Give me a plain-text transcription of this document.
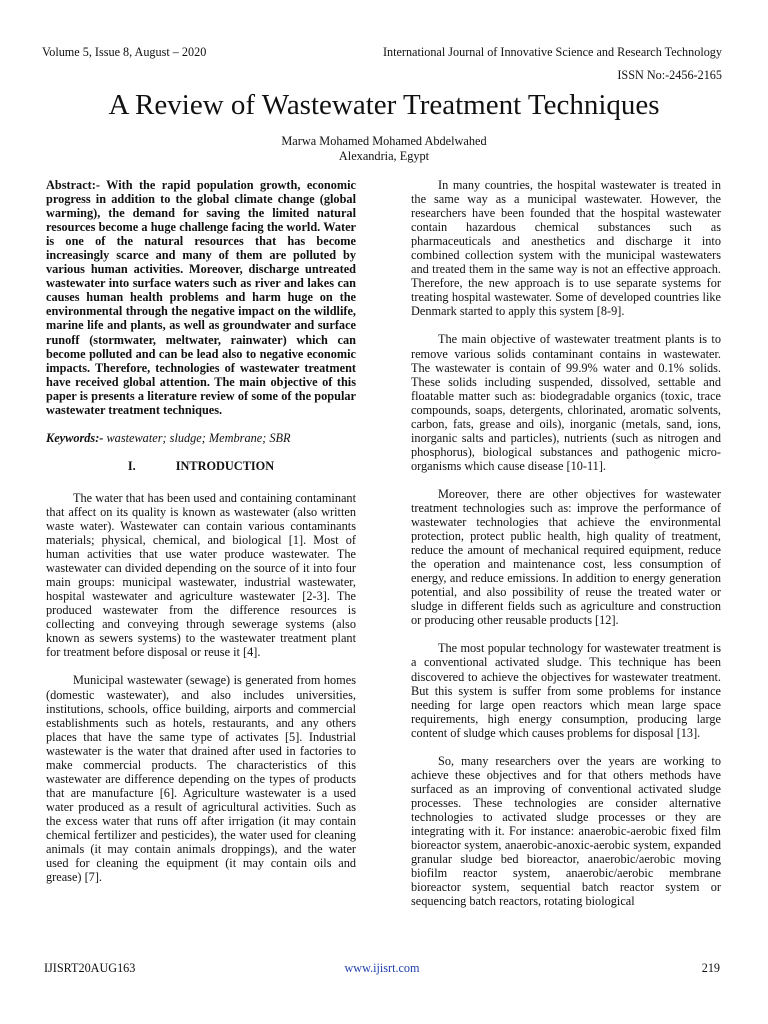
Volume 5, Issue 8, August – 2020	International Journal of Innovative Science and Research Technology
ISSN No:-2456-2165
A Review of Wastewater Treatment Techniques
Marwa Mohamed Mohamed Abdelwahed
Alexandria, Egypt

Abstract:- With the rapid population growth, economic progress in addition to the global climate change (global warming), the demand for saving the limited natural resources become a huge challenge facing the world. Water is one of the natural resources that has become increasingly scarce and many of them are polluted by various human activities. Moreover, discharge untreated wastewater into surface waters such as river and lakes can causes human health problems and harm huge on the environmental through the negative impact on the wildlife, marine life and plants, as well as groundwater and surface runoff (stormwater, meltwater, rainwater) which can become polluted and can be lead also to negative economic impacts. Therefore, technologies of wastewater treatment have received global attention. The main objective of this paper is presents a literature review of some of the popular wastewater treatment techniques.

Keywords:- wastewater; sludge; Membrane; SBR

I.	INTRODUCTION

The water that has been used and containing contaminant that affect on its quality is known as wastewater (also written waste water). Wastewater can contain various contaminants materials; physical, chemical, and biological [1]. Most of human activities that use water produce wastewater. The wastewater can divided depending on the source of it into four main groups: municipal wastewater, industrial wastewater, hospital wastewater and agriculture wastewater [2-3]. The produced wastewater from the difference resources is collecting and conveying through sewerage systems (also known as sewers systems) to the wastewater treatment plant for treatment before disposal or reuse it [4].

Municipal wastewater (sewage) is generated from homes (domestic wastewater), and also includes universities, institutions, schools, office building, airports and commercial establishments such as hotels, restaurants, and any others places that have the same type of activates [5]. Industrial wastewater is the water that drained after used in factories to make commercial products. The characteristics of this wastewater are difference depending on the types of products that are manufacture [6]. Agriculture wastewater is a used water produced as a result of agricultural activities. Such as the excess water that runs off after irrigation (it may contain chemical fertilizer and pesticides), the water used for cleaning animals (it may contain animals droppings), and the water used for cleaning the equipment (it may contain oils and grease) [7].

In many countries, the hospital wastewater is treated in the same way as a municipal wastewater. However, the researchers have been founded that the hospital wastewater contain hazardous chemical substances such as pharmaceuticals and anesthetics and discharge it into combined collection system with the municipal wastewaters and treated them in the same way is not an effective approach. Therefore, the new approach is to use separate systems for treating hospital wastewater. Some of developed countries like Denmark started to apply this system [8-9].

The main objective of wastewater treatment plants is to remove various solids contaminant contains in wastewater. The wastewater is contain of 99.9% water and 0.1% solids. These solids including suspended, dissolved, settable and floatable matter such as: biodegradable organics (toxic, trace compounds, soaps, detergents, chlorinated, aromatic solvents, carbon, fats, grease and oils), inorganic (metals, sand, ions, inorganic salts and particles), nutrients (such as nitrogen and phosphorus), biological substances and pathogenic micro-organisms which cause disease [10-11].

Moreover, there are other objectives for wastewater treatment technologies such as: improve the performance of wastewater technologies that achieve the environmental protection, protect public health, high quality of treatment, reduce the amount of mechanical required equipment, reduce the operation and maintenance cost, less consumption of energy, and reduce emissions. In addition to energy generation potential, and also possibility of reuse the treated water or sludge in different fields such as agriculture and construction or producing other reusable products [12].

The most popular technology for wastewater treatment is a conventional activated sludge. This technique has been discovered to achieve the objectives for wastewater treatment. But this system is suffer from some problems for instance needing for large open reactors which mean large space requirements, high energy consumption, producing large content of sludge which causes problems for disposal [13].

So, many researchers over the years are working to achieve these objectives and for that others methods have surfaced as an improving of conventional activated sludge processes. These technologies are consider alternative technologies to activated sludge processes or they are integrating with it. For instance: anaerobic-aerobic fixed film bioreactor system, anaerobic-anoxic-aerobic system, expanded granular sludge bed bioreactor, anaerobic/aerobic moving biofilm reactor system, anaerobic/aerobic membrane bioreactor system, sequential batch reactor system or sequencing batch reactors, rotating biological

IJISRT20AUG163	www.ijisrt.com	219
